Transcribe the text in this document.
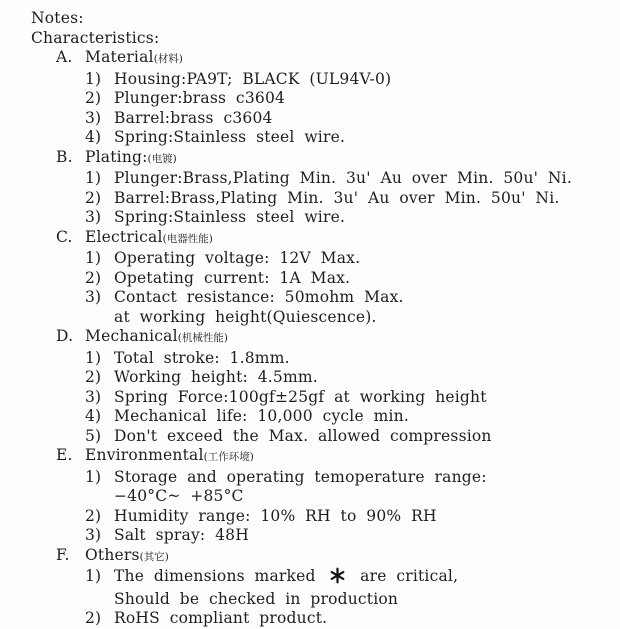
Notes:
Characteristics:
A. Material(材料)
1) Housing:PA9T; BLACK (UL94V-0)
2) Plunger:brass c3604
3) Barrel:brass c3604
4) Spring:Stainless steel wire.
B. Plating:(电镀)
1) Plunger:Brass,Plating Min. 3u' Au over Min. 50u' Ni.
2) Barrel:Brass,Plating Min. 3u' Au over Min. 50u' Ni.
3) Spring:Stainless steel wire.
C. Electrical(电器性能)
1) Operating voltage: 12V Max.
2) Opetating current: 1A Max.
3) Contact resistance: 50mohm Max.
at working height(Quiescence).
D. Mechanical(机械性能)
1) Total stroke: 1.8mm.
2) Working height: 4.5mm.
3) Spring Force:100gf±25gf at working height
4) Mechanical life: 10,000 cycle min.
5) Don't exceed the Max. allowed compression
E. Environmental(工作环境)
1) Storage and operating temoperature range:
−40°C~ +85°C
2) Humidity range: 10% RH to 90% RH
3) Salt spray: 48H
F. Others(其它)
1) The dimensions marked  are critical,
Should be checked in production
2) RoHS compliant product.
